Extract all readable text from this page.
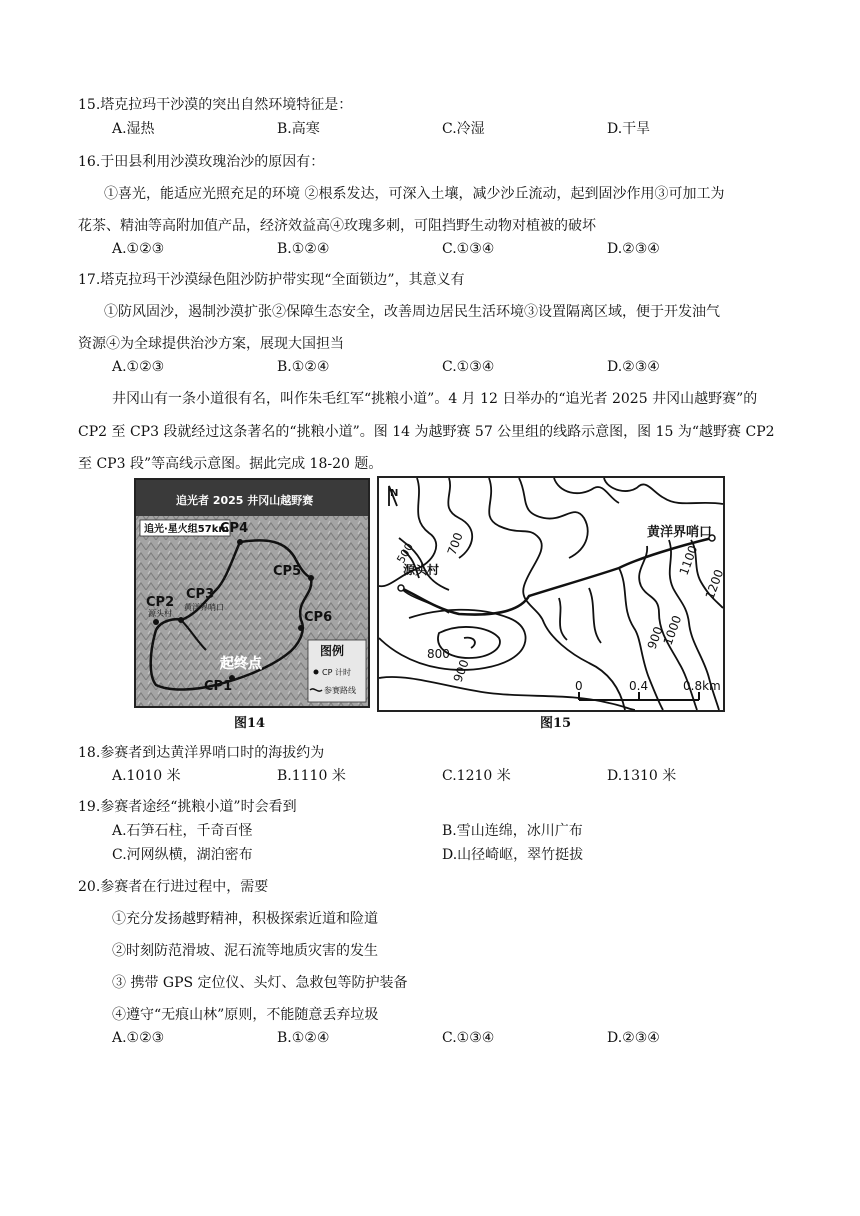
15.塔克拉玛干沙漠的突出自然环境特征是：
A.湿热	B.高寒	C.冷湿	D.干旱
16.于田县利用沙漠玫瑰治沙的原因有：
①喜光，能适应光照充足的环境 ②根系发达，可深入土壤，减少沙丘流动，起到固沙作用③可加工为
花茶、精油等高附加值产品，经济效益高④玫瑰多刺，可阻挡野生动物对植被的破坏
A.①②③	B.①②④	C.①③④	D.②③④
17.塔克拉玛干沙漠绿色阻沙防护带实现“全面锁边”，其意义有
①防风固沙，遏制沙漠扩张②保障生态安全，改善周边居民生活环境③设置隔离区域，便于开发油气
资源④为全球提供治沙方案，展现大国担当
A.①②③	B.①②④	C.①③④	D.②③④
井冈山有一条小道很有名，叫作朱毛红军“挑粮小道”。4 月 12 日举办的“追光者 2025 井冈山越野赛”的
CP2 至 CP3 段就经过这条著名的“挑粮小道”。图 14 为越野赛 57 公里组的线路示意图，图 15 为“越野赛 CP2
至 CP3 段”等高线示意图。据此完成 18-20 题。
追光者 2025 井冈山越野赛
追光·星火组57km
CP4
CP5
CP6
CP3
黄洋界哨口
CP2
源头村
CP1
起终点
图例
CP 计时
参赛路线
图14
N
黄洋界哨口
源头村
700
500
800
900
1100
1200
1000
900
0	0.4	0.8km
图15
18.参赛者到达黄洋界哨口时的海拔约为
A.1010 米	B.1110 米	C.1210 米	D.1310 米
19.参赛者途经“挑粮小道”时会看到
A.石笋石柱，千奇百怪	B.雪山连绵，冰川广布
C.河网纵横，湖泊密布	D.山径崎岖，翠竹挺拔
20.参赛者在行进过程中，需要
①充分发扬越野精神，积极探索近道和险道
②时刻防范滑坡、泥石流等地质灾害的发生
③ 携带 GPS 定位仪、头灯、急救包等防护装备
④遵守“无痕山林”原则，不能随意丢弃垃圾
A.①②③	B.①②④	C.①③④	D.②③④
